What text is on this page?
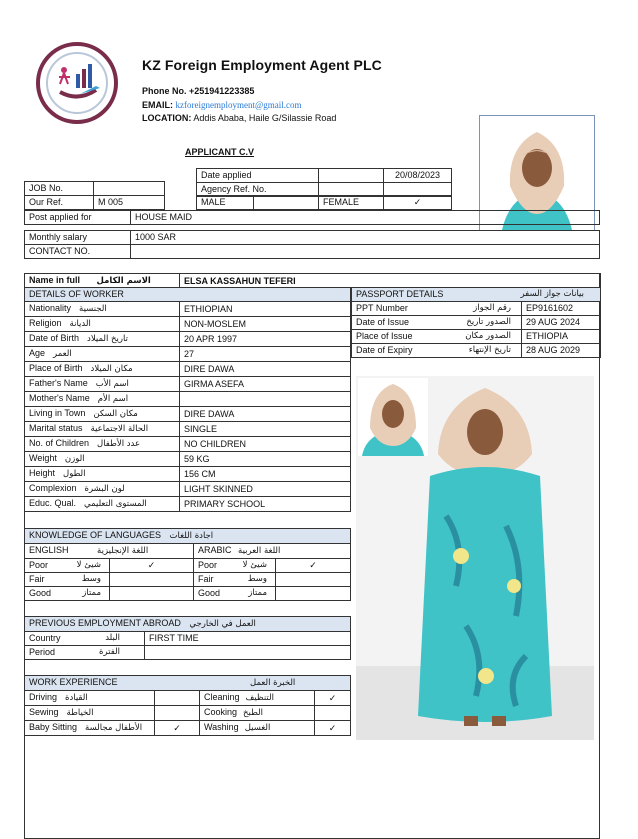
KZ Foreign Employment Agent PLC
Phone No. +251941223385
EMAIL: kzforeignemployment@gmail.com
LOCATION: Addis Ababa, Haile G/Silassie Road
APPLICANT C.V
Date applied		20/08/2023
Agency Ref. No.		
JOB No.	
Our Ref.	M 005	MALE		FEMALE	✓
Post applied for	HOUSE MAID
Monthly salary	1000 SAR
CONTACT NO.	
Name in full الاسم الكامل	ELSA KASSAHUN TEFERI
DETAILS OF WORKER	
Nationality الجنسية	ETHIOPIAN
Religion الديانة	NON-MOSLEM
Date of Birth تاريخ الميلاد	20 APR 1997
Age العمر	27
Place of Birth مكان الميلاد	DIRE DAWA
Father's Name اسم الأب	GIRMA ASEFA
Mother's Name اسم الأم	
Living in Town مكان السكن	DIRE DAWA
Marital status الحالة الاجتماعية	SINGLE
No. of Children عدد الأطفال	NO CHILDREN
Weight الوزن	59 KG
Height الطول	156 CM
Complexion لون البشرة	LIGHT SKINNED
Educ. Qual. المستوى التعليمي	PRIMARY SCHOOL
PASSPORT DETAILS بيانات جواز السفر	

PPT Number رقم الجواز	EP9161602
Date of Issue الصدور تاريخ	29 AUG 2024
Place of Issue الصدور مكان	ETHIOPIA
Date of Expiry تاريخ الإنتهاء	28 AUG 2029
KNOWLEDGE OF LANGUAGES اجادة اللغات			
ENGLISH اللغة الإنجليزية		ARABIC اللغة العربية	
Poor شيئ لا	✓	Poor شيئ لا	✓
Fair وسط		Fair وسط	

Good ممتاز		Good ممتاز	

PREVIOUS EMPLOYMENT ABROAD العمل في الخارجي	
Country البلد	FIRST TIME
Period الفترة	

WORK EXPERIENCE الخبرة العمل			
Driving القيادة		Cleaning التنظيف	✓
Sewing الخياطة		Cooking الطبخ	
Baby Sitting الأطفال مجالسة	✓	Washing الغسيل	✓
